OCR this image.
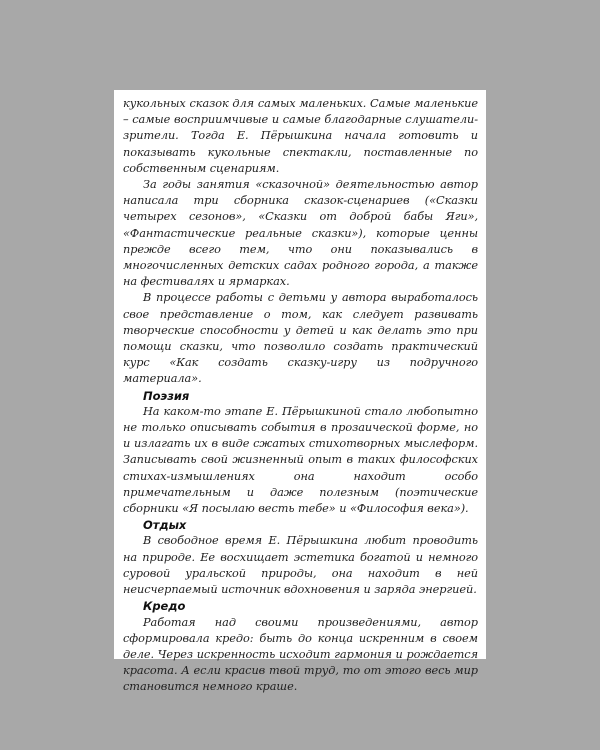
кукольных сказок для самых маленьких. Самые маленькие – самые восприимчивые и самые благодарные слушатели-зрители. Тогда Е. Пёрышкина начала готовить и показывать кукольные спектакли, поставленные по собственным сценариям.

За годы занятия «сказочной» деятельностью автор написала три сборника сказок-сценариев («Сказки четырех сезонов», «Сказки от доброй бабы Яги», «Фантастические реальные сказки»), которые ценны прежде всего тем, что они показывались в многочисленных детских садах родного города, а также на фестивалях и ярмарках.

В процессе работы с детьми у автора выработалось свое представление о том, как следует развивать творческие способности у детей и как делать это при помощи сказки, что позволило создать практический курс «Как создать сказку-игру из подручного материала».

Поэзия

На каком-то этапе Е. Пёрышкиной стало любопытно не только описывать события в прозаической форме, но и излагать их в виде сжатых стихотворных мыслеформ. Записывать свой жизненный опыт в таких философских стихах-измышлениях она находит особо примечательным и даже полезным (поэтические сборники «Я посылаю весть тебе» и «Философия века»).

Отдых

В свободное время Е. Пёрышкина любит проводить на природе. Ее восхищает эстетика богатой и немного суровой уральской природы, она находит в ней неисчерпаемый источник вдохновения и заряда энергией.

Кредо

Работая над своими произведениями, автор сформировала кредо: быть до конца искренним в своем деле. Через искренность исходит гармония и рождается красота. А если красив твой труд, то от этого весь мир становится немного краше.
